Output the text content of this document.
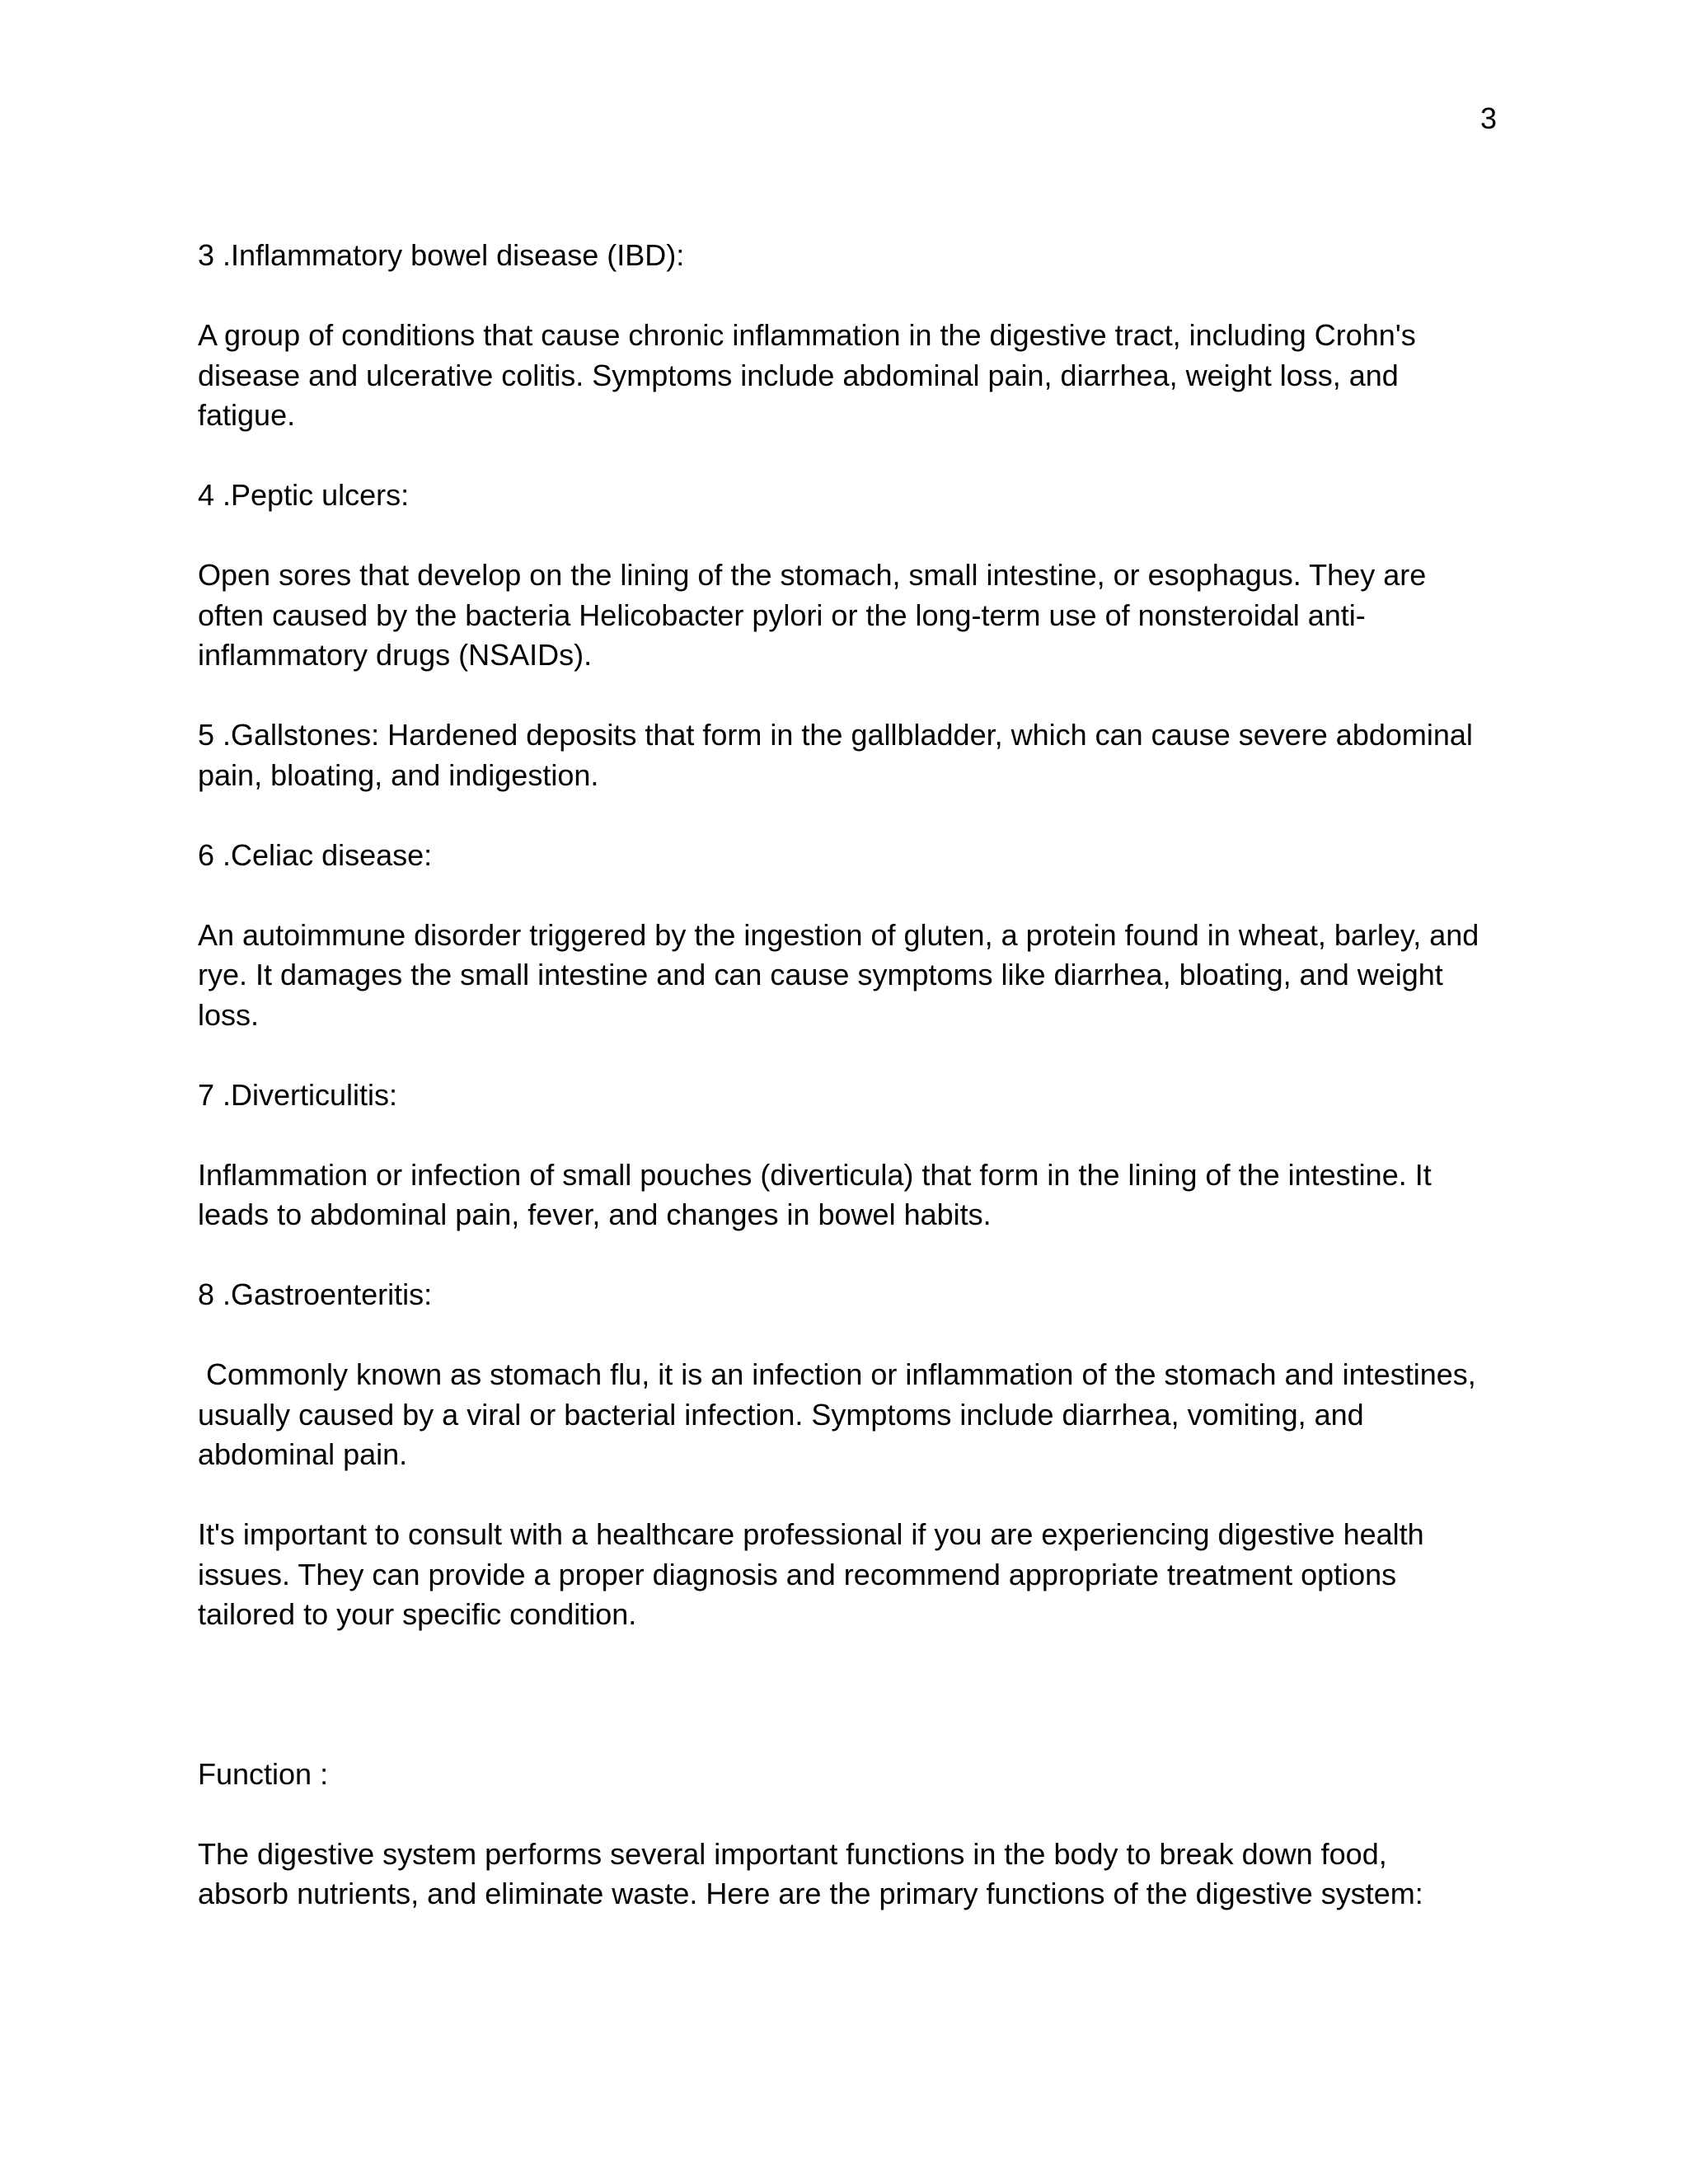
3

3 .Inflammatory bowel disease (IBD):

A group of conditions that cause chronic inflammation in the digestive tract, including Crohn's disease and ulcerative colitis. Symptoms include abdominal pain, diarrhea, weight loss, and fatigue.

4 .Peptic ulcers:

Open sores that develop on the lining of the stomach, small intestine, or esophagus. They are often caused by the bacteria Helicobacter pylori or the long-term use of nonsteroidal anti-inflammatory drugs (NSAIDs).

5 .Gallstones: Hardened deposits that form in the gallbladder, which can cause severe abdominal pain, bloating, and indigestion.

6 .Celiac disease:

An autoimmune disorder triggered by the ingestion of gluten, a protein found in wheat, barley, and rye. It damages the small intestine and can cause symptoms like diarrhea, bloating, and weight loss.

7 .Diverticulitis:

Inflammation or infection of small pouches (diverticula) that form in the lining of the intestine. It leads to abdominal pain, fever, and changes in bowel habits.

8 .Gastroenteritis:

Commonly known as stomach flu, it is an infection or inflammation of the stomach and intestines, usually caused by a viral or bacterial infection. Symptoms include diarrhea, vomiting, and abdominal pain.

It's important to consult with a healthcare professional if you are experiencing digestive health issues. They can provide a proper diagnosis and recommend appropriate treatment options tailored to your specific condition.

Function :

The digestive system performs several important functions in the body to break down food, absorb nutrients, and eliminate waste. Here are the primary functions of the digestive system:
